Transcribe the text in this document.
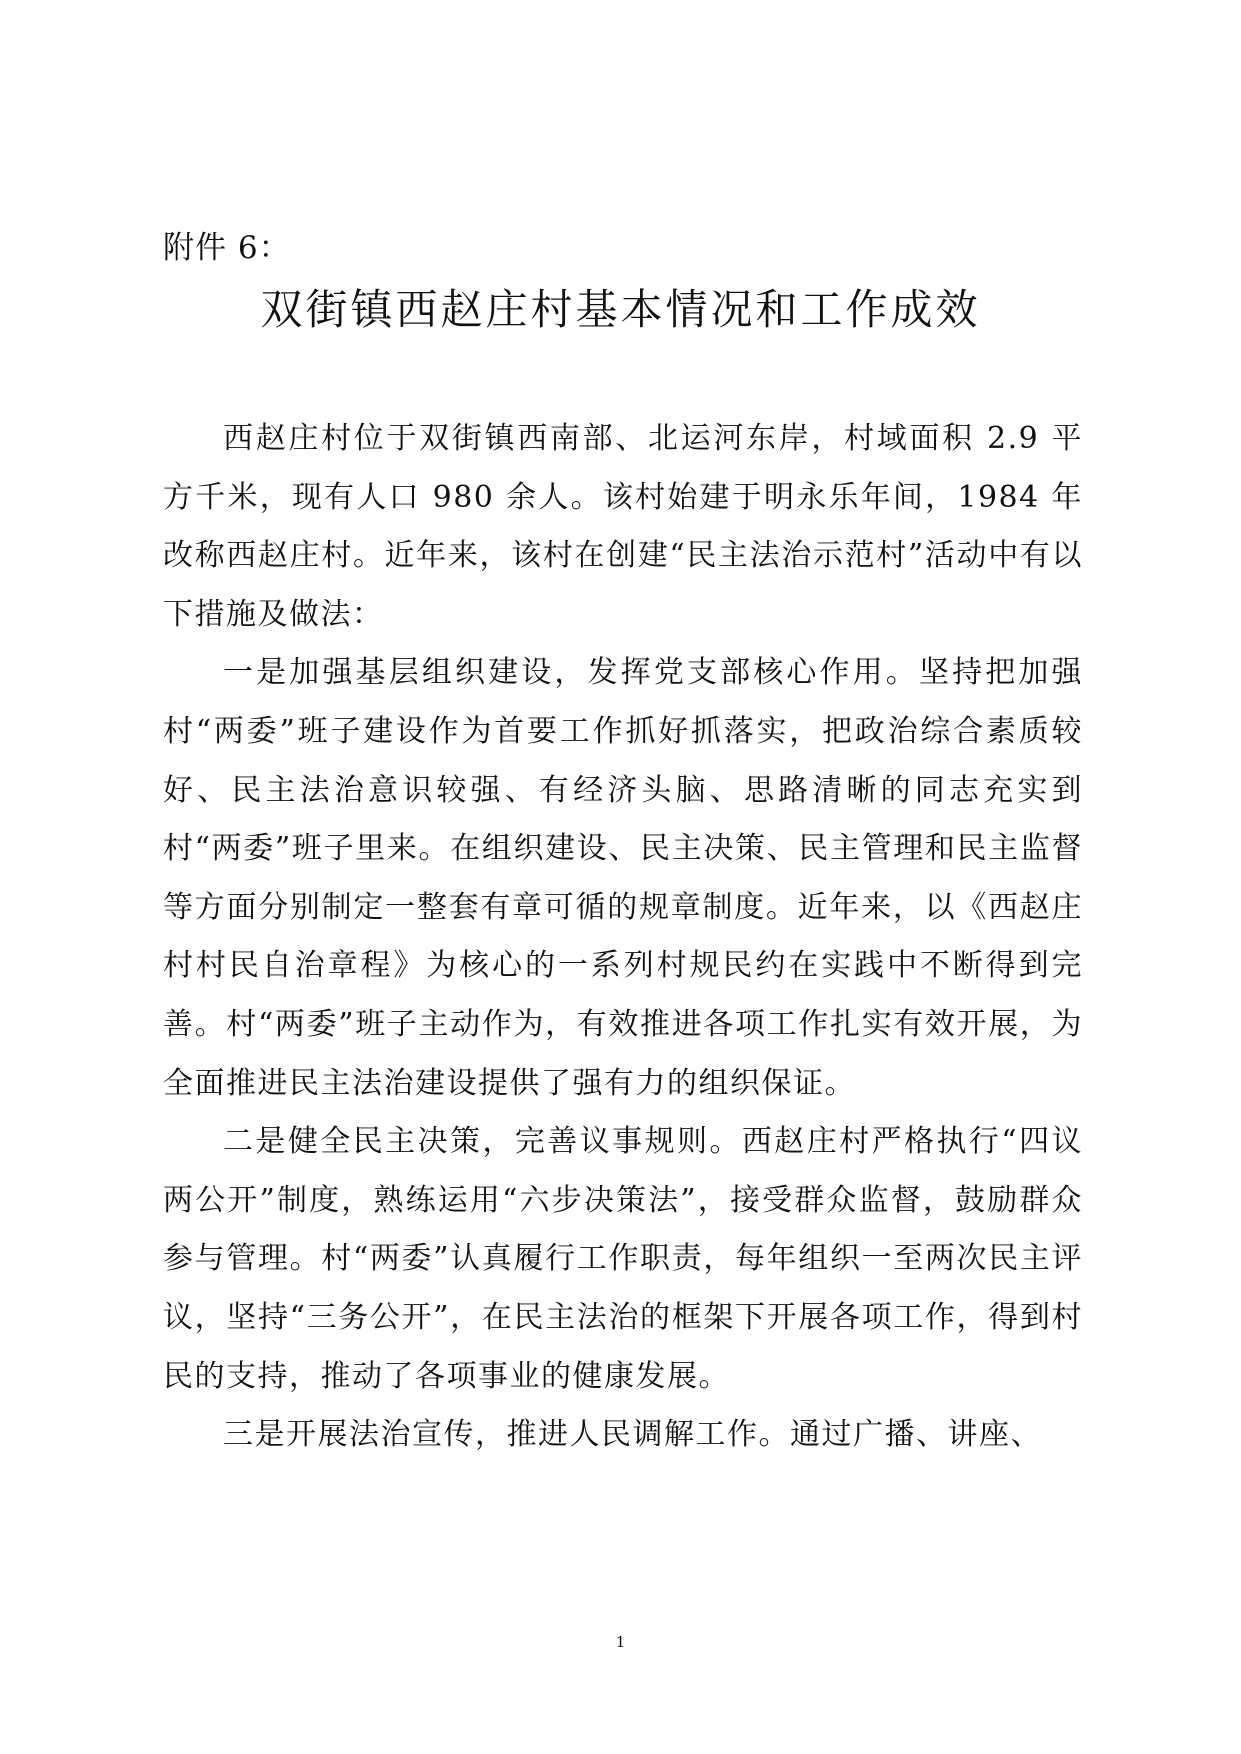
附件 6：
双街镇西赵庄村基本情况和工作成效

西赵庄村位于双街镇西南部、北运河东岸，村域面积 2.9 平方千米，现有人口 980 余人。该村始建于明永乐年间，1984 年改称西赵庄村。近年来，该村在创建“民主法治示范村”活动中有以下措施及做法：

一是加强基层组织建设，发挥党支部核心作用。坚持把加强村“两委”班子建设作为首要工作抓好抓落实，把政治综合素质较好、民主法治意识较强、有经济头脑、思路清晰的同志充实到村“两委”班子里来。在组织建设、民主决策、民主管理和民主监督等方面分别制定一整套有章可循的规章制度。近年来，以《西赵庄村村民自治章程》为核心的一系列村规民约在实践中不断得到完善。村“两委”班子主动作为，有效推进各项工作扎实有效开展，为全面推进民主法治建设提供了强有力的组织保证。

二是健全民主决策，完善议事规则。西赵庄村严格执行“四议两公开”制度，熟练运用“六步决策法”，接受群众监督，鼓励群众参与管理。村“两委”认真履行工作职责，每年组织一至两次民主评议，坚持“三务公开”，在民主法治的框架下开展各项工作，得到村民的支持，推动了各项事业的健康发展。

三是开展法治宣传，推进人民调解工作。通过广播、讲座、

1
